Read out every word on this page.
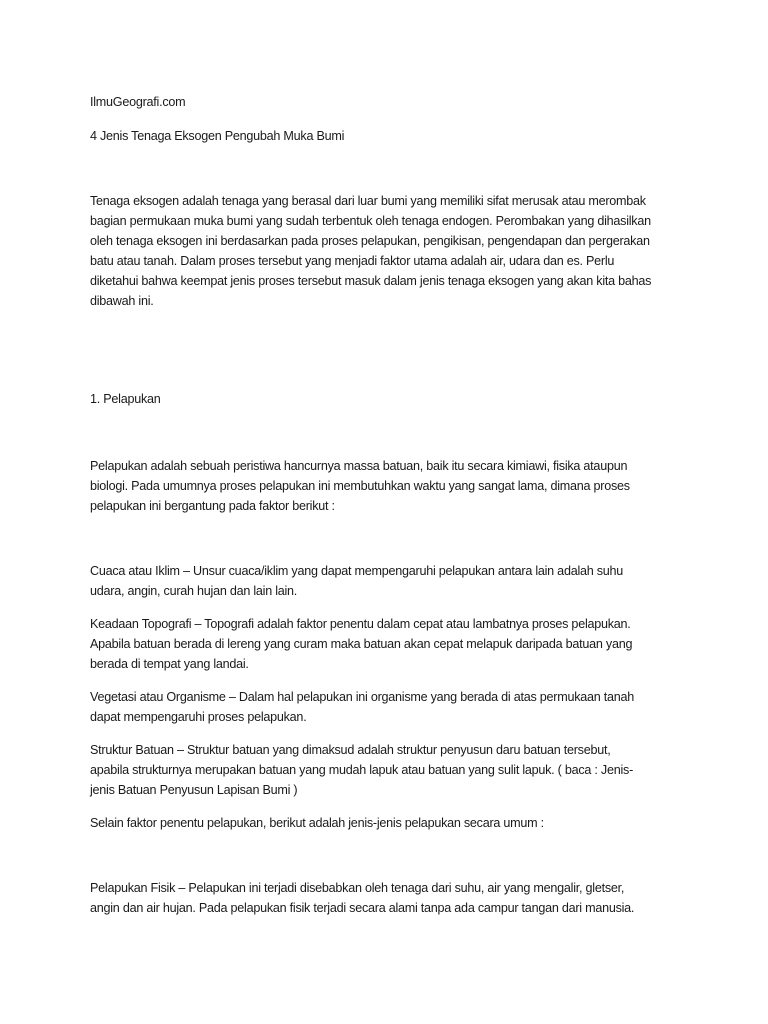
IlmuGeografi.com

4 Jenis Tenaga Eksogen Pengubah Muka Bumi

Tenaga eksogen adalah tenaga yang berasal dari luar bumi yang memiliki sifat merusak atau merombak
bagian permukaan muka bumi yang sudah terbentuk oleh tenaga endogen. Perombakan yang dihasilkan
oleh tenaga eksogen ini berdasarkan pada proses pelapukan, pengikisan, pengendapan dan pergerakan
batu atau tanah. Dalam proses tersebut yang menjadi faktor utama adalah air, udara dan es. Perlu
diketahui bahwa keempat jenis proses tersebut masuk dalam jenis tenaga eksogen yang akan kita bahas
dibawah ini.

1. Pelapukan

Pelapukan adalah sebuah peristiwa hancurnya massa batuan, baik itu secara kimiawi, fisika ataupun
biologi. Pada umumnya proses pelapukan ini membutuhkan waktu yang sangat lama, dimana proses
pelapukan ini bergantung pada faktor berikut :

Cuaca atau Iklim – Unsur cuaca/iklim yang dapat mempengaruhi pelapukan antara lain adalah suhu
udara, angin, curah hujan dan lain lain.

Keadaan Topografi – Topografi adalah faktor penentu dalam cepat atau lambatnya proses pelapukan.
Apabila batuan berada di lereng yang curam maka batuan akan cepat melapuk daripada batuan yang
berada di tempat yang landai.

Vegetasi atau Organisme – Dalam hal pelapukan ini organisme yang berada di atas permukaan tanah
dapat mempengaruhi proses pelapukan.

Struktur Batuan – Struktur batuan yang dimaksud adalah struktur penyusun daru batuan tersebut,
apabila strukturnya merupakan batuan yang mudah lapuk atau batuan yang sulit lapuk. ( baca : Jenis-
jenis Batuan Penyusun Lapisan Bumi )

Selain faktor penentu pelapukan, berikut adalah jenis-jenis pelapukan secara umum :

Pelapukan Fisik – Pelapukan ini terjadi disebabkan oleh tenaga dari suhu, air yang mengalir, gletser,
angin dan air hujan. Pada pelapukan fisik terjadi secara alami tanpa ada campur tangan dari manusia.
